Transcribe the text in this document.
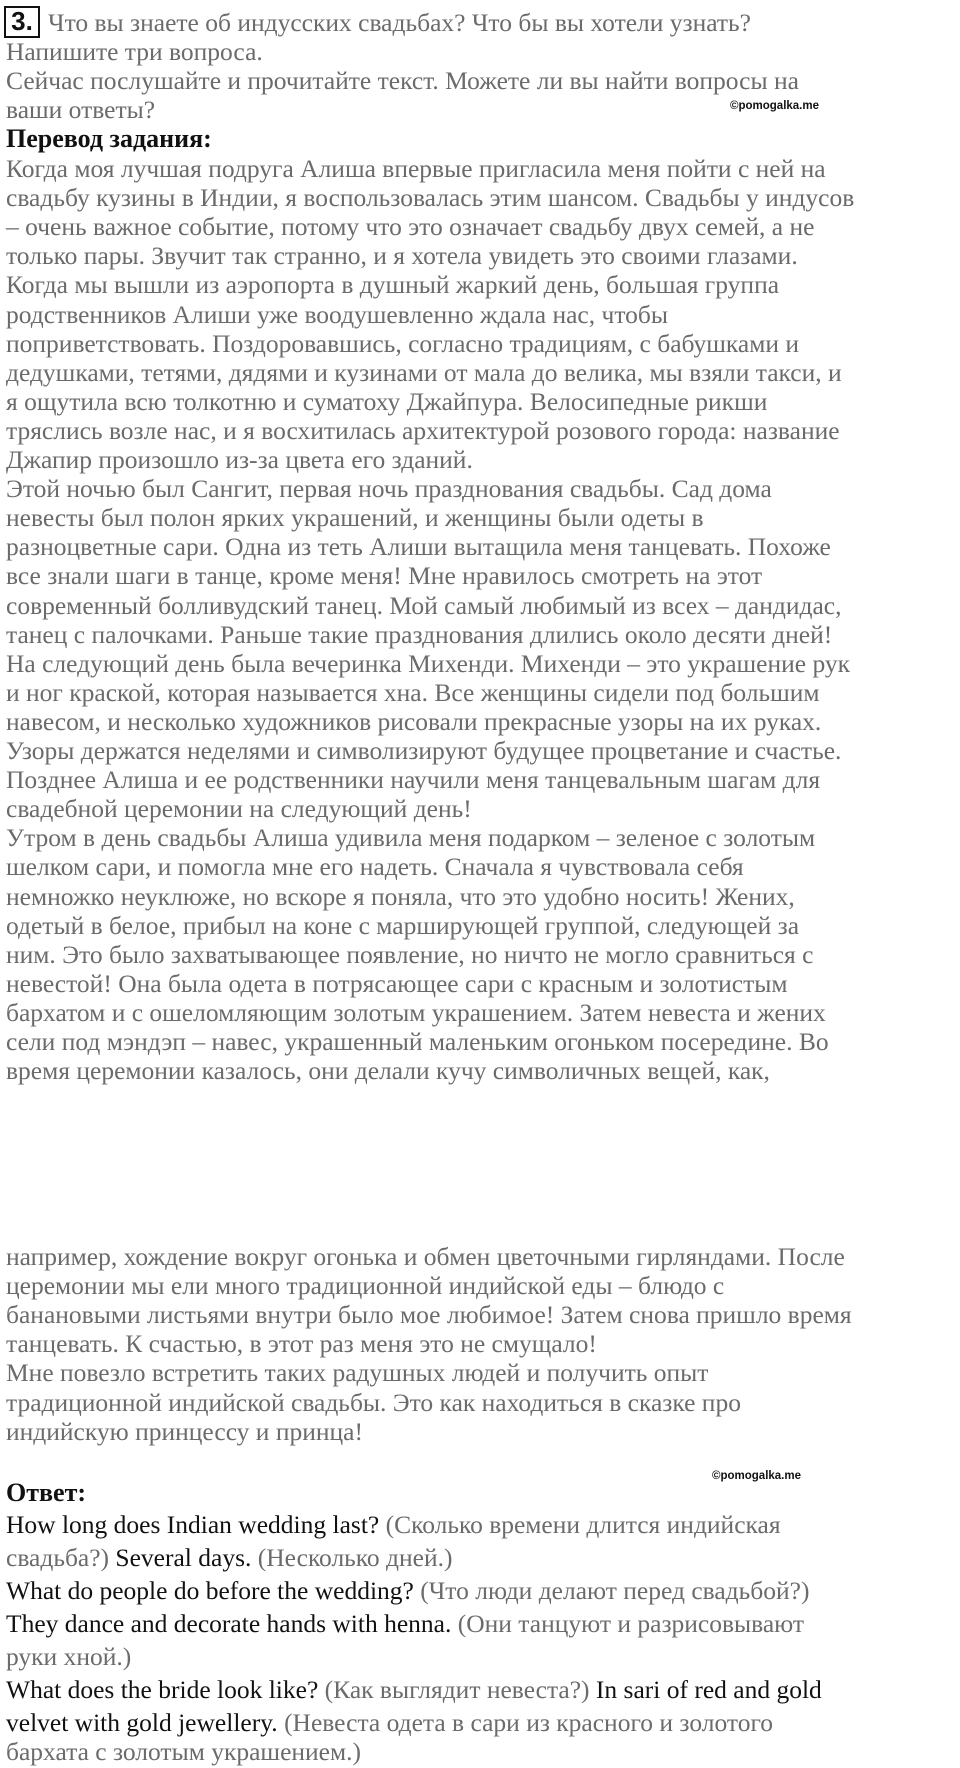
3. Что вы знаете об индусских свадьбах? Что бы вы хотели узнать?
Напишите три вопроса.
Сейчас послушайте и прочитайте текст. Можете ли вы найти вопросы на
ваши ответы?	©pomogalka.me
Перевод задания:
Когда моя лучшая подруга Алиша впервые пригласила меня пойти с ней на
свадьбу кузины в Индии, я воспользовалась этим шансом. Свадьбы у индусов
– очень важное событие, потому что это означает свадьбу двух семей, а не
только пары. Звучит так странно, и я хотела увидеть это своими глазами.
Когда мы вышли из аэропорта в душный жаркий день, большая группа
родственников Алиши уже воодушевленно ждала нас, чтобы
поприветствовать. Поздоровавшись, согласно традициям, с бабушками и
дедушками, тетями, дядями и кузинами от мала до велика, мы взяли такси, и
я ощутила всю толкотню и суматоху Джайпура. Велосипедные рикши
тряслись возле нас, и я восхитилась архитектурой розового города: название
Джапир произошло из-за цвета его зданий.
Этой ночью был Сангит, первая ночь празднования свадьбы. Сад дома
невесты был полон ярких украшений, и женщины были одеты в
разноцветные сари. Одна из теть Алиши вытащила меня танцевать. Похоже
все знали шаги в танце, кроме меня! Мне нравилось смотреть на этот
современный болливудский танец. Мой самый любимый из всех – дандидас,
танец с палочками. Раньше такие празднования длились около десяти дней!
На следующий день была вечеринка Михенди. Михенди – это украшение рук
и ног краской, которая называется хна. Все женщины сидели под большим
навесом, и несколько художников рисовали прекрасные узоры на их руках.
Узоры держатся неделями и символизируют будущее процветание и счастье.
Позднее Алиша и ее родственники научили меня танцевальным шагам для
свадебной церемонии на следующий день!
Утром в день свадьбы Алиша удивила меня подарком – зеленое с золотым
шелком сари, и помогла мне его надеть. Сначала я чувствовала себя
немножко неуклюже, но вскоре я поняла, что это удобно носить! Жених,
одетый в белое, прибыл на коне с марширующей группой, следующей за
ним. Это было захватывающее появление, но ничто не могло сравниться с
невестой! Она была одета в потрясающее сари с красным и золотистым
бархатом и с ошеломляющим золотым украшением. Затем невеста и жених
сели под мэндэп – навес, украшенный маленьким огоньком посередине. Во
время церемонии казалось, они делали кучу символичных вещей, как,
например, хождение вокруг огонька и обмен цветочными гирляндами. После
церемонии мы ели много традиционной индийской еды – блюдо с
банановыми листьями внутри было мое любимое! Затем снова пришло время
танцевать. К счастью, в этот раз меня это не смущало!
Мне повезло встретить таких радушных людей и получить опыт
традиционной индийской свадьбы. Это как находиться в сказке про
индийскую принцессу и принца!
Ответ:
©pomogalka.me
How long does Indian wedding last? (Сколько времени длится индийская
свадьба?) Several days. (Несколько дней.)
What do people do before the wedding? (Что люди делают перед свадьбой?)
They dance and decorate hands with henna. (Они танцуют и разрисовывают
руки хной.)
What does the bride look like? (Как выглядит невеста?) In sari of red and gold
velvet with gold jewellery. (Невеста одета в сари из красного и золотого
бархата с золотым украшением.)
